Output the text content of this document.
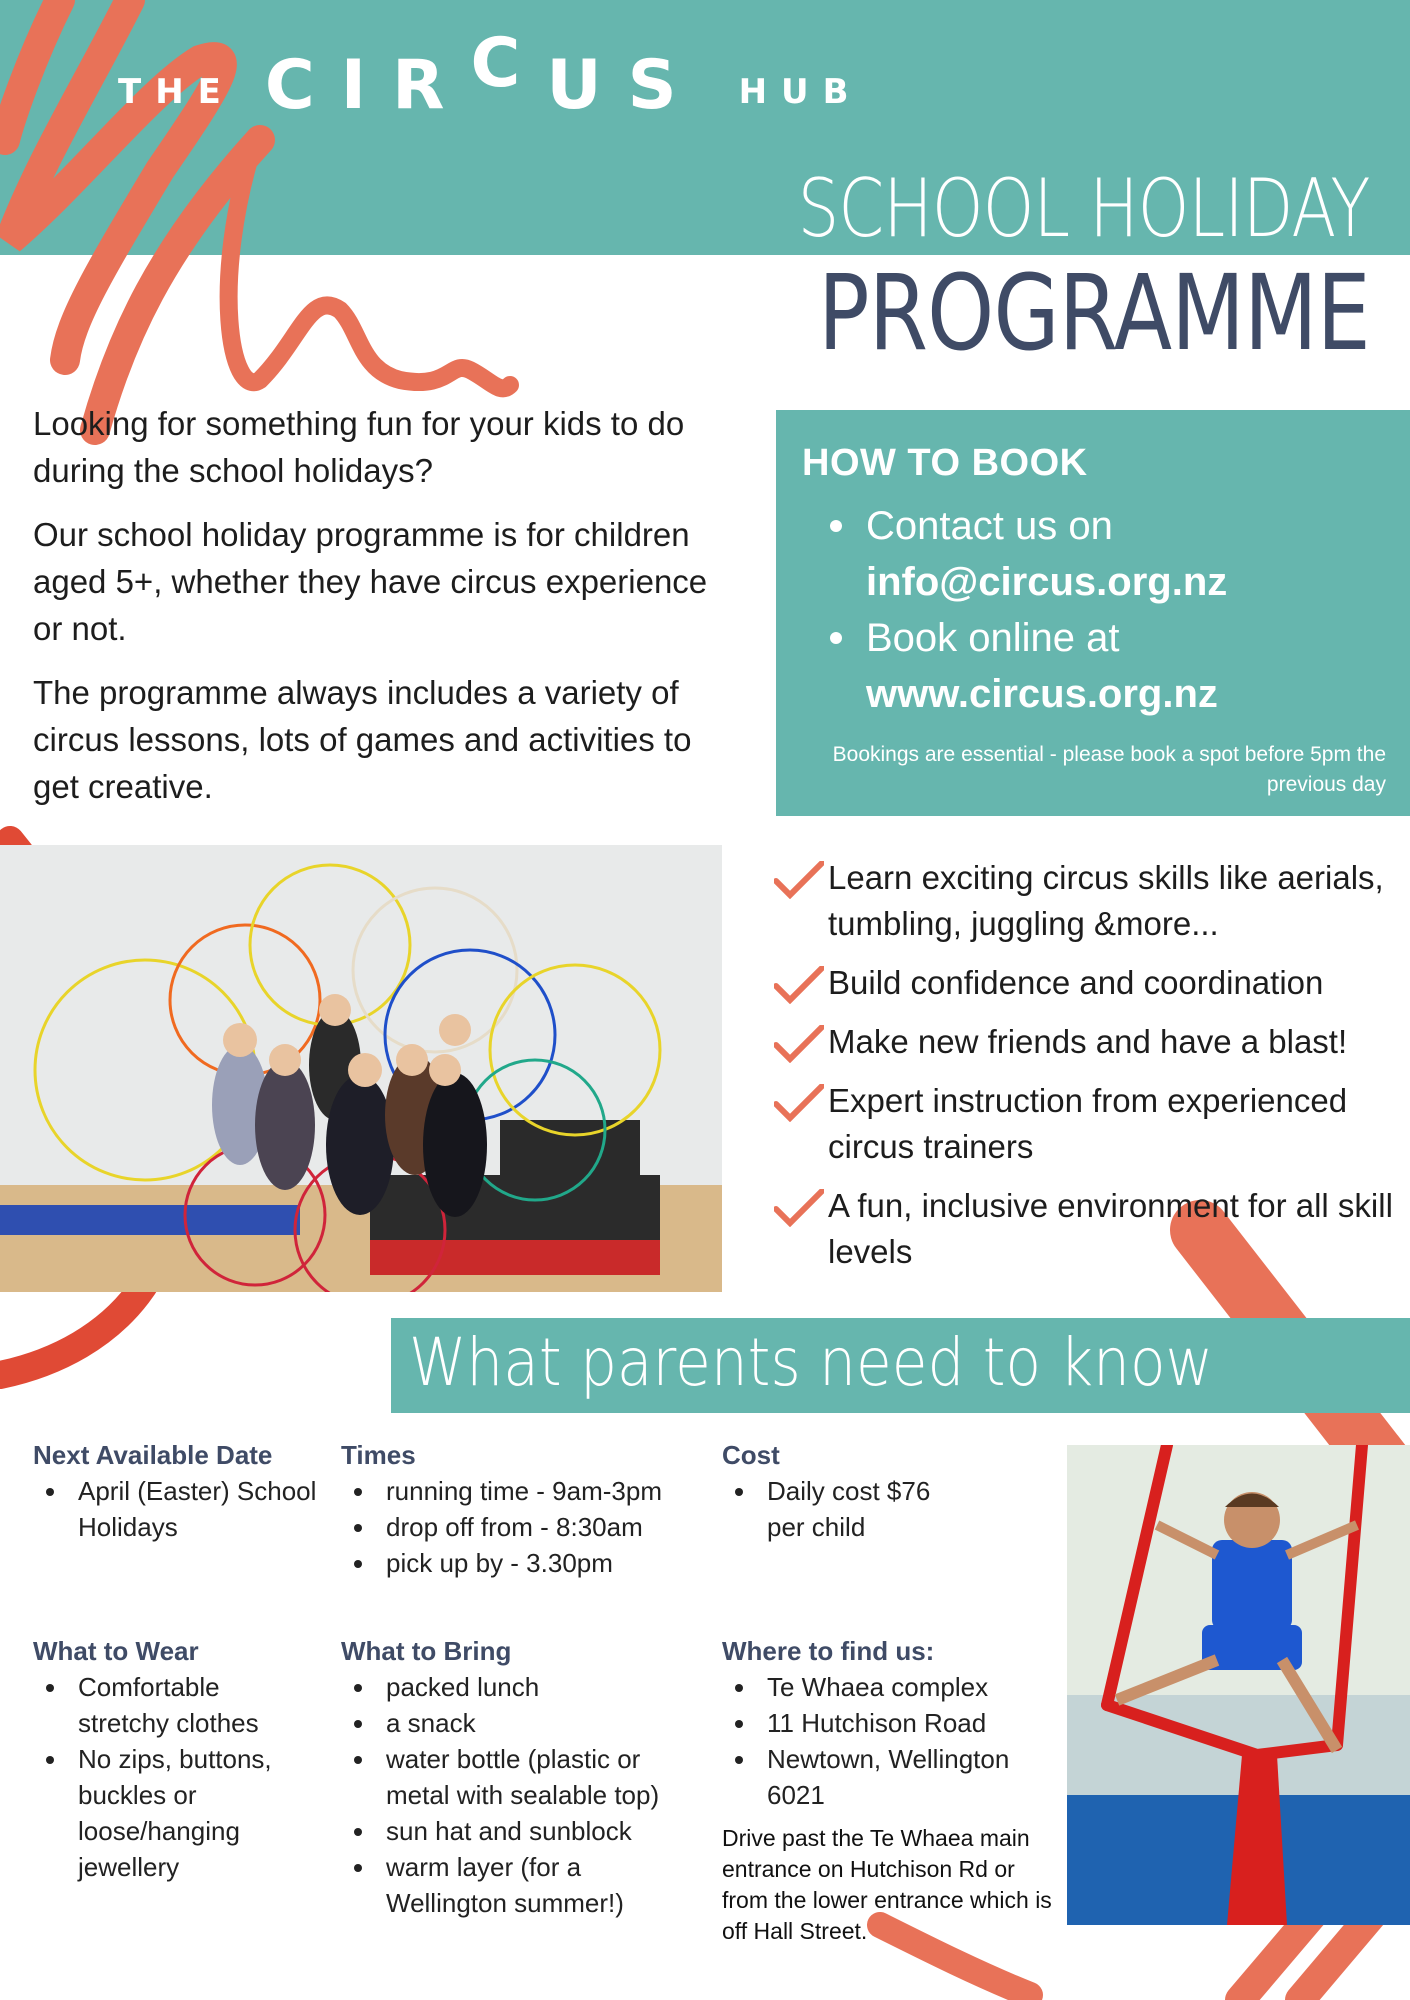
THE CIRCUS HUB
SCHOOL HOLIDAY
PROGRAMME

Looking for something fun for your kids to do during the school holidays?

Our school holiday programme is for children aged 5+, whether they have circus experience or not.

The programme always includes a variety of circus lessons, lots of games and activities to get creative.

HOW TO BOOK
Contact us on
info@circus.org.nz
Book online at
www.circus.org.nz
Bookings are essential - please book a spot before 5pm the previous day
Learn exciting circus skills like aerials, tumbling, juggling &more...
Build confidence and coordination
Make new friends and have a blast!
Expert instruction from experienced circus trainers
A fun, inclusive environment for all skill levels
What parents need to know
Next Available Date
April (Easter) School Holidays
Times
running time - 9am-3pm
drop off from - 8:30am
pick up by - 3.30pm
Cost
Daily cost $76 per child
What to Wear
Comfortable stretchy clothes
No zips, buttons, buckles or loose/hanging jewellery
What to Bring
packed lunch
a snack
water bottle (plastic or metal with sealable top)
sun hat and sunblock
warm layer (for a Wellington summer!)
Where to find us:
Te Whaea complex
11 Hutchison Road
Newtown, Wellington 6021
Drive past the Te Whaea main entrance on Hutchison Rd or from the lower entrance which is off Hall Street.
